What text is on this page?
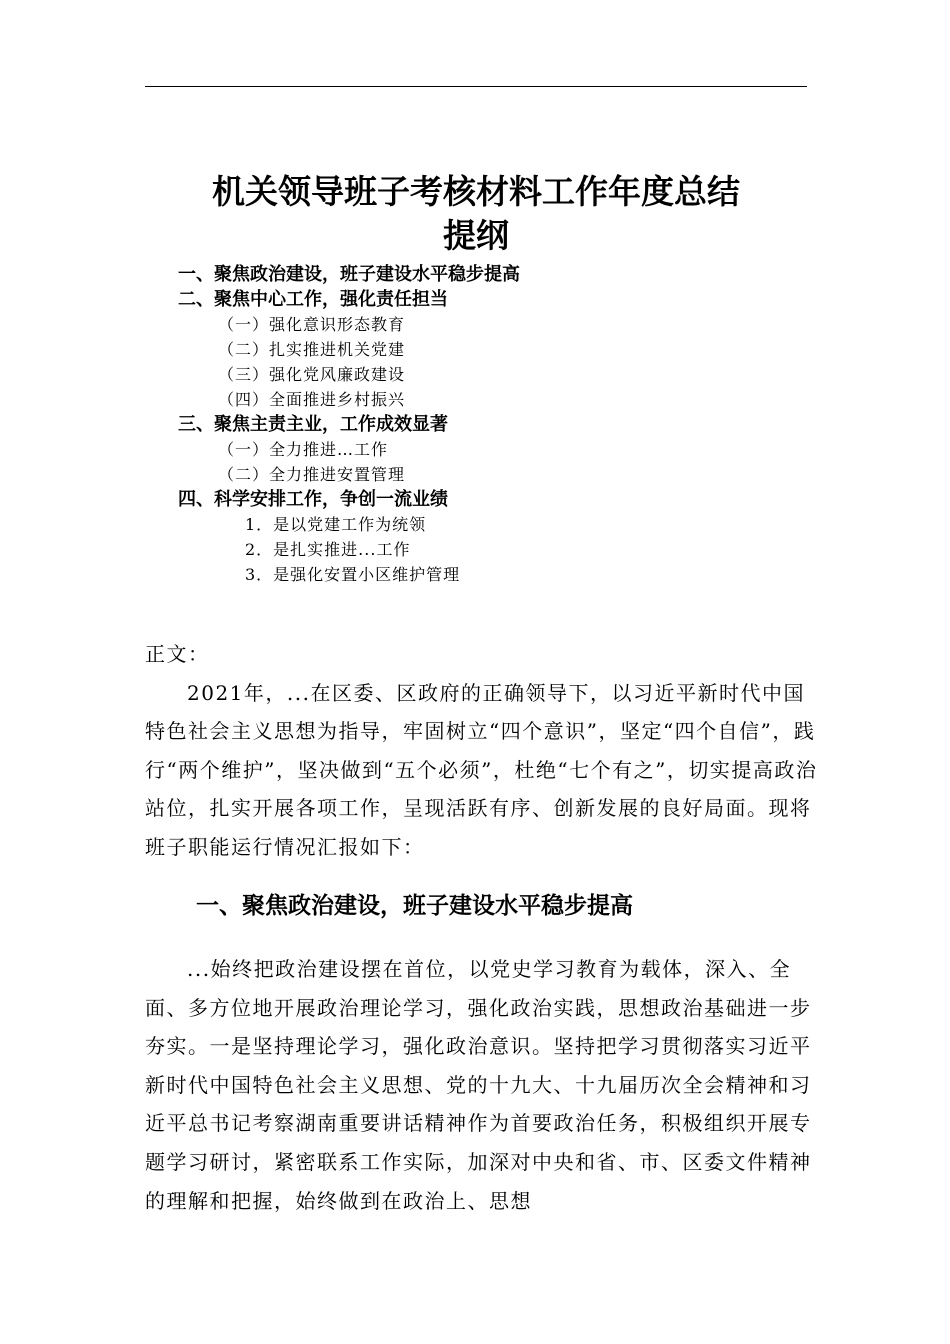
机关领导班子考核材料工作年度总结
提纲
一、聚焦政治建设，班子建设水平稳步提高
二、聚焦中心工作，强化责任担当
（一）强化意识形态教育
（二）扎实推进机关党建
（三）强化党风廉政建设
（四）全面推进乡村振兴
三、聚焦主责主业，工作成效显著
（一）全力推进…工作
（二）全力推进安置管理
四、科学安排工作，争创一流业绩
1．是以党建工作为统领
2．是扎实推进...工作
3．是强化安置小区维护管理

正文：

2021年，...在区委、区政府的正确领导下，以习近平新时代中国特色社会主义思想为指导，牢固树立“四个意识”，坚定“四个自信”，践行“两个维护”，坚决做到“五个必须”，杜绝“七个有之”，切实提高政治站位，扎实开展各项工作，呈现活跃有序、创新发展的良好局面。现将班子职能运行情况汇报如下：

一、聚焦政治建设，班子建设水平稳步提高

...始终把政治建设摆在首位，以党史学习教育为载体，深入、全面、多方位地开展政治理论学习，强化政治实践，思想政治基础进一步夯实。一是坚持理论学习，强化政治意识。坚持把学习贯彻落实习近平新时代中国特色社会主义思想、党的十九大、十九届历次全会精神和习近平总书记考察湖南重要讲话精神作为首要政治任务，积极组织开展专题学习研讨，紧密联系工作实际，加深对中央和省、市、区委文件精神的理解和把握，始终做到在政治上、思想
